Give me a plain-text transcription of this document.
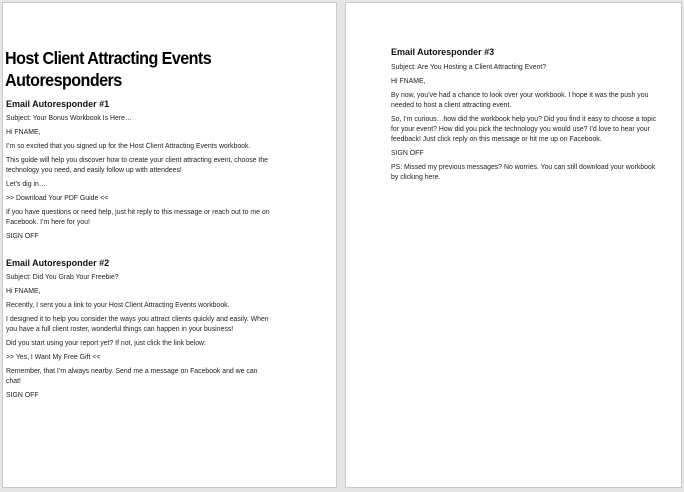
Host Client Attracting Events
Autoresponders
Email Autoresponder #1
Subject: Your Bonus Workbook Is Here…
Hi FNAME,
I’m so excited that you signed up for the Host Client Attracting Events workbook.
This guide will help you discover how to create your client attracting event, choose the
technology you need, and easily follow up with attendees!
Let’s dig in…
>> Download Your PDF Guide <<
If you have questions or need help, just hit reply to this message or reach out to me on
Facebook. I’m here for you!
SIGN OFF
Email Autoresponder #2
Subject: Did You Grab Your Freebie?
Hi FNAME,
Recently, I sent you a link to your Host Client Attracting Events workbook.
I designed it to help you consider the ways you attract clients quickly and easily. When
you have a full client roster, wonderful things can happen in your business!
Did you start using your report yet? If not, just click the link below:
>> Yes, I Want My Free Gift <<
Remember, that I’m always nearby. Send me a message on Facebook and we can
chat!
SIGN OFF
Email Autoresponder #3
Subject: Are You Hosting a Client Attracting Event?
Hi FNAME,
By now, you’ve had a chance to look over your workbook. I hope it was the push you
needed to host a client attracting event.
So, I’m curious…how did the workbook help you? Did you find it easy to choose a topic
for your event? How did you pick the technology you would use? I’d love to hear your
feedback! Just click reply on this message or hit me up on Facebook.
SIGN OFF
PS: Missed my previous messages? No worries. You can still download your workbook
by clicking here.
